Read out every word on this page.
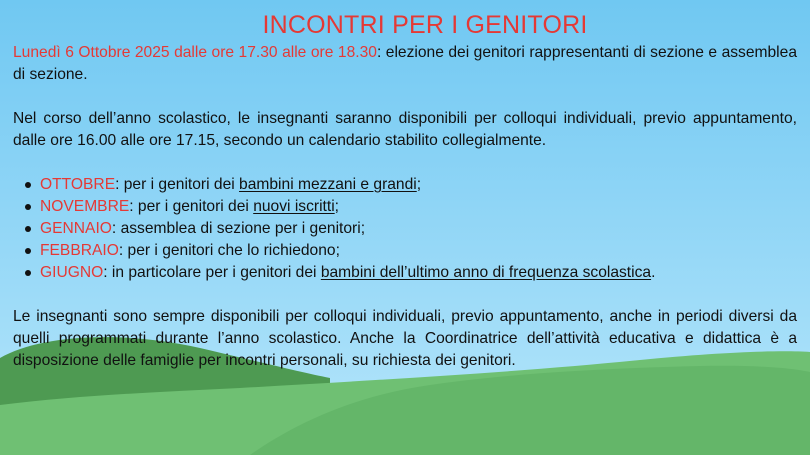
INCONTRI PER I GENITORI

Lunedì 6 Ottobre 2025 dalle ore 17.30 alle ore 18.30: elezione dei genitori rappresentanti di sezione e assemblea di sezione.

Nel corso dell’anno scolastico, le insegnanti saranno disponibili per colloqui individuali, previo appuntamento, dalle ore 16.00 alle ore 17.15, secondo un calendario stabilito collegialmente.

OTTOBRE: per i genitori dei bambini mezzani e grandi;
NOVEMBRE: per i genitori dei nuovi iscritti;
GENNAIO: assemblea di sezione per i genitori;
FEBBRAIO: per i genitori che lo richiedono;
GIUGNO: in particolare per i genitori dei bambini dell’ultimo anno di frequenza scolastica.

Le insegnanti sono sempre disponibili per colloqui individuali, previo appuntamento, anche in periodi diversi da quelli programmati durante l’anno scolastico. Anche la Coordinatrice dell’attività educativa e didattica è a disposizione delle famiglie per incontri personali, su richiesta dei genitori.
